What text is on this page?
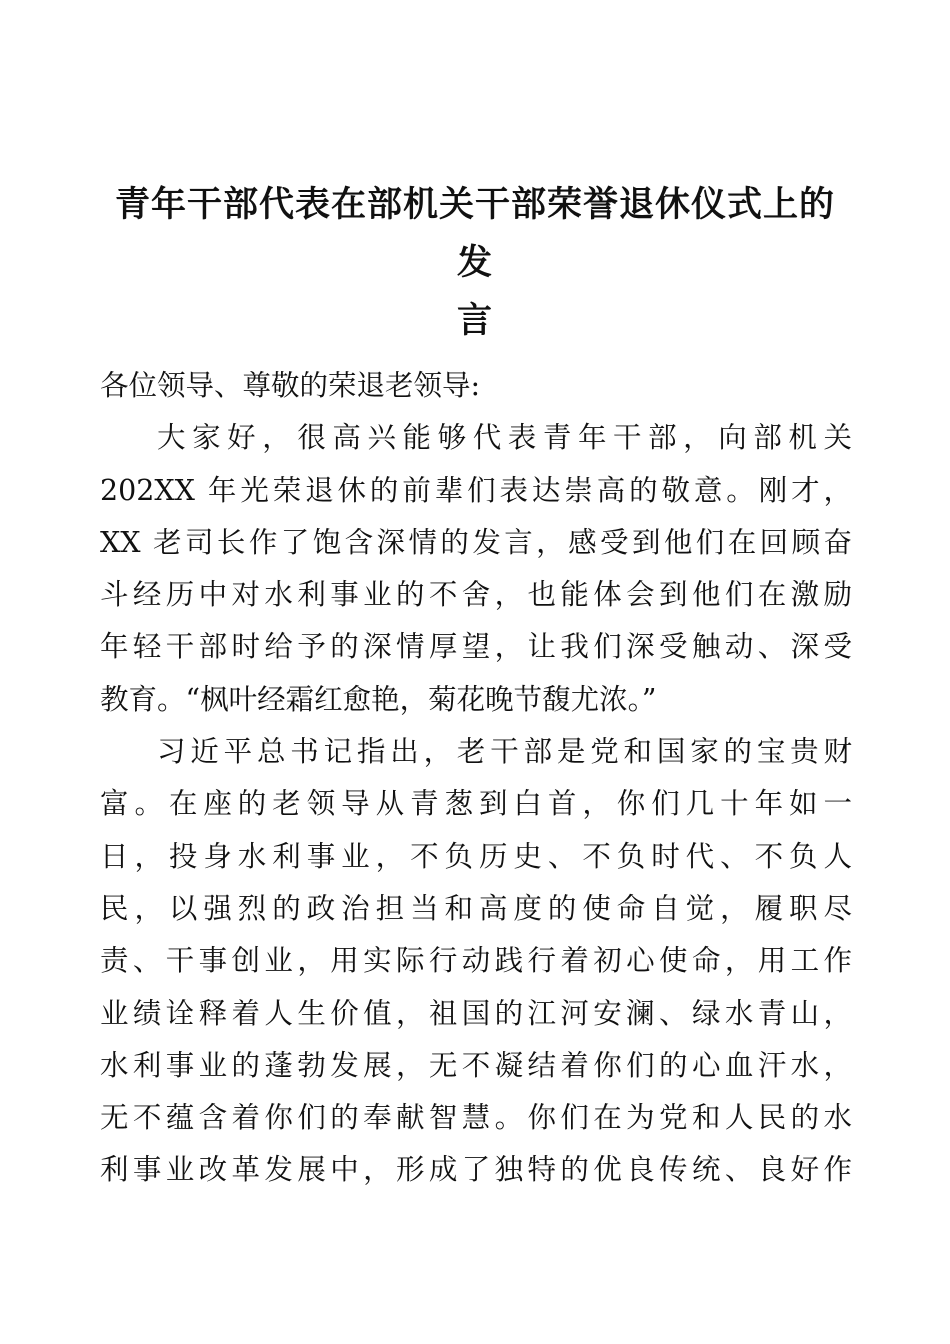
青年干部代表在部机关干部荣誉退休仪式上的发
言
各位领导、尊敬的荣退老领导:
大家好，很高兴能够代表青年干部，向部机关
202XX 年光荣退休的前辈们表达崇高的敬意。刚才，
XX 老司长作了饱含深情的发言，感受到他们在回顾奋
斗经历中对水利事业的不舍，也能体会到他们在激励
年轻干部时给予的深情厚望，让我们深受触动、深受
教育。“枫叶经霜红愈艳，菊花晚节馥尤浓。”
习近平总书记指出，老干部是党和国家的宝贵财
富。在座的老领导从青葱到白首，你们几十年如一
日，投身水利事业，不负历史、不负时代、不负人
民，以强烈的政治担当和高度的使命自觉，履职尽
责、干事创业，用实际行动践行着初心使命，用工作
业绩诠释着人生价值，祖国的江河安澜、绿水青山，
水利事业的蓬勃发展，无不凝结着你们的心血汗水，
无不蕴含着你们的奉献智慧。你们在为党和人民的水
利事业改革发展中，形成了独特的优良传统、良好作
